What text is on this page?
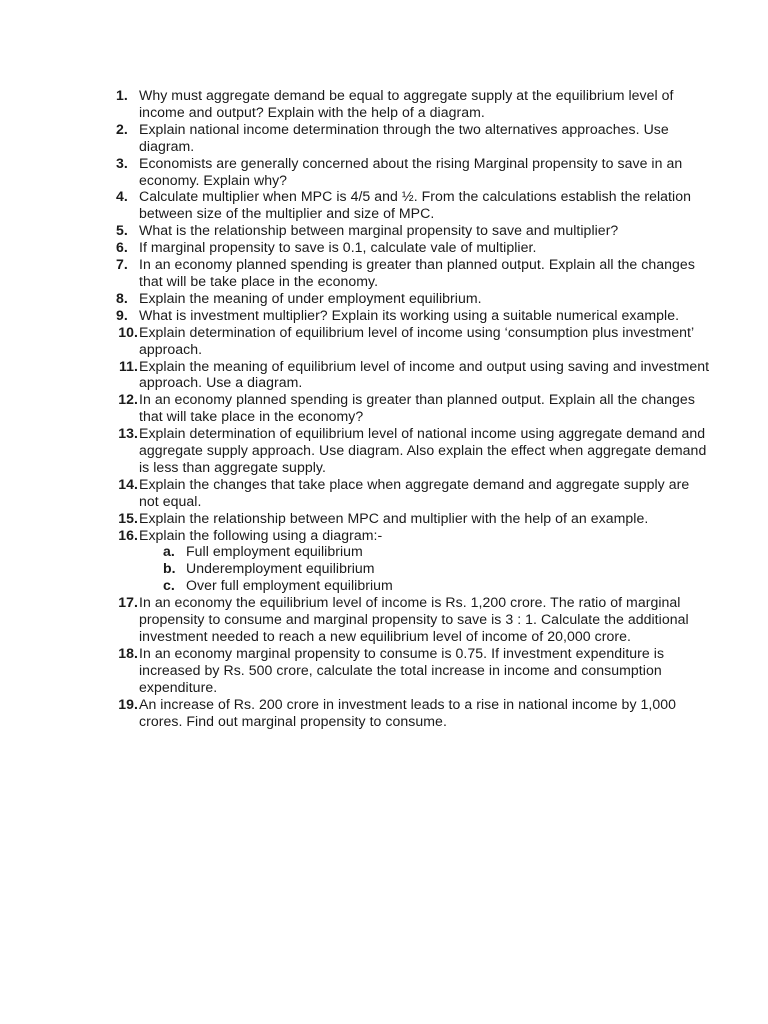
1. Why must aggregate demand be equal to aggregate supply at the equilibrium level of income and output? Explain with the help of a diagram.
2. Explain national income determination through the two alternatives approaches. Use diagram.
3. Economists are generally concerned about the rising Marginal propensity to save in an economy. Explain why?
4. Calculate multiplier when MPC is 4/5 and ½. From the calculations establish the relation between size of the multiplier and size of MPC.
5. What is the relationship between marginal propensity to save and multiplier?
6. If marginal propensity to save is 0.1, calculate vale of multiplier.
7. In an economy planned spending is greater than planned output. Explain all the changes that will be take place in the economy.
8. Explain the meaning of under employment equilibrium.
9. What is investment multiplier? Explain its working using a suitable numerical example.
10. Explain determination of equilibrium level of income using ‘consumption plus investment’ approach.
11. Explain the meaning of equilibrium level of income and output using saving and investment approach. Use a diagram.
12. In an economy planned spending is greater than planned output. Explain all the changes that will take place in the economy?
13. Explain determination of equilibrium level of national income using aggregate demand and aggregate supply approach. Use diagram. Also explain the effect when aggregate demand is less than aggregate supply.
14. Explain the changes that take place when aggregate demand and aggregate supply are not equal.
15. Explain the relationship between MPC and multiplier with the help of an example.
16. Explain the following using a diagram:-
a. Full employment equilibrium
b. Underemployment equilibrium
c. Over full employment equilibrium
17. In an economy the equilibrium level of income is Rs. 1,200 crore. The ratio of marginal propensity to consume and marginal propensity to save is 3 : 1. Calculate the additional investment needed to reach a new equilibrium level of income of 20,000 crore.
18. In an economy marginal propensity to consume is 0.75. If investment expenditure is increased by Rs. 500 crore, calculate the total increase in income and consumption expenditure.
19. An increase of Rs. 200 crore in investment leads to a rise in national income by 1,000 crores. Find out marginal propensity to consume.
